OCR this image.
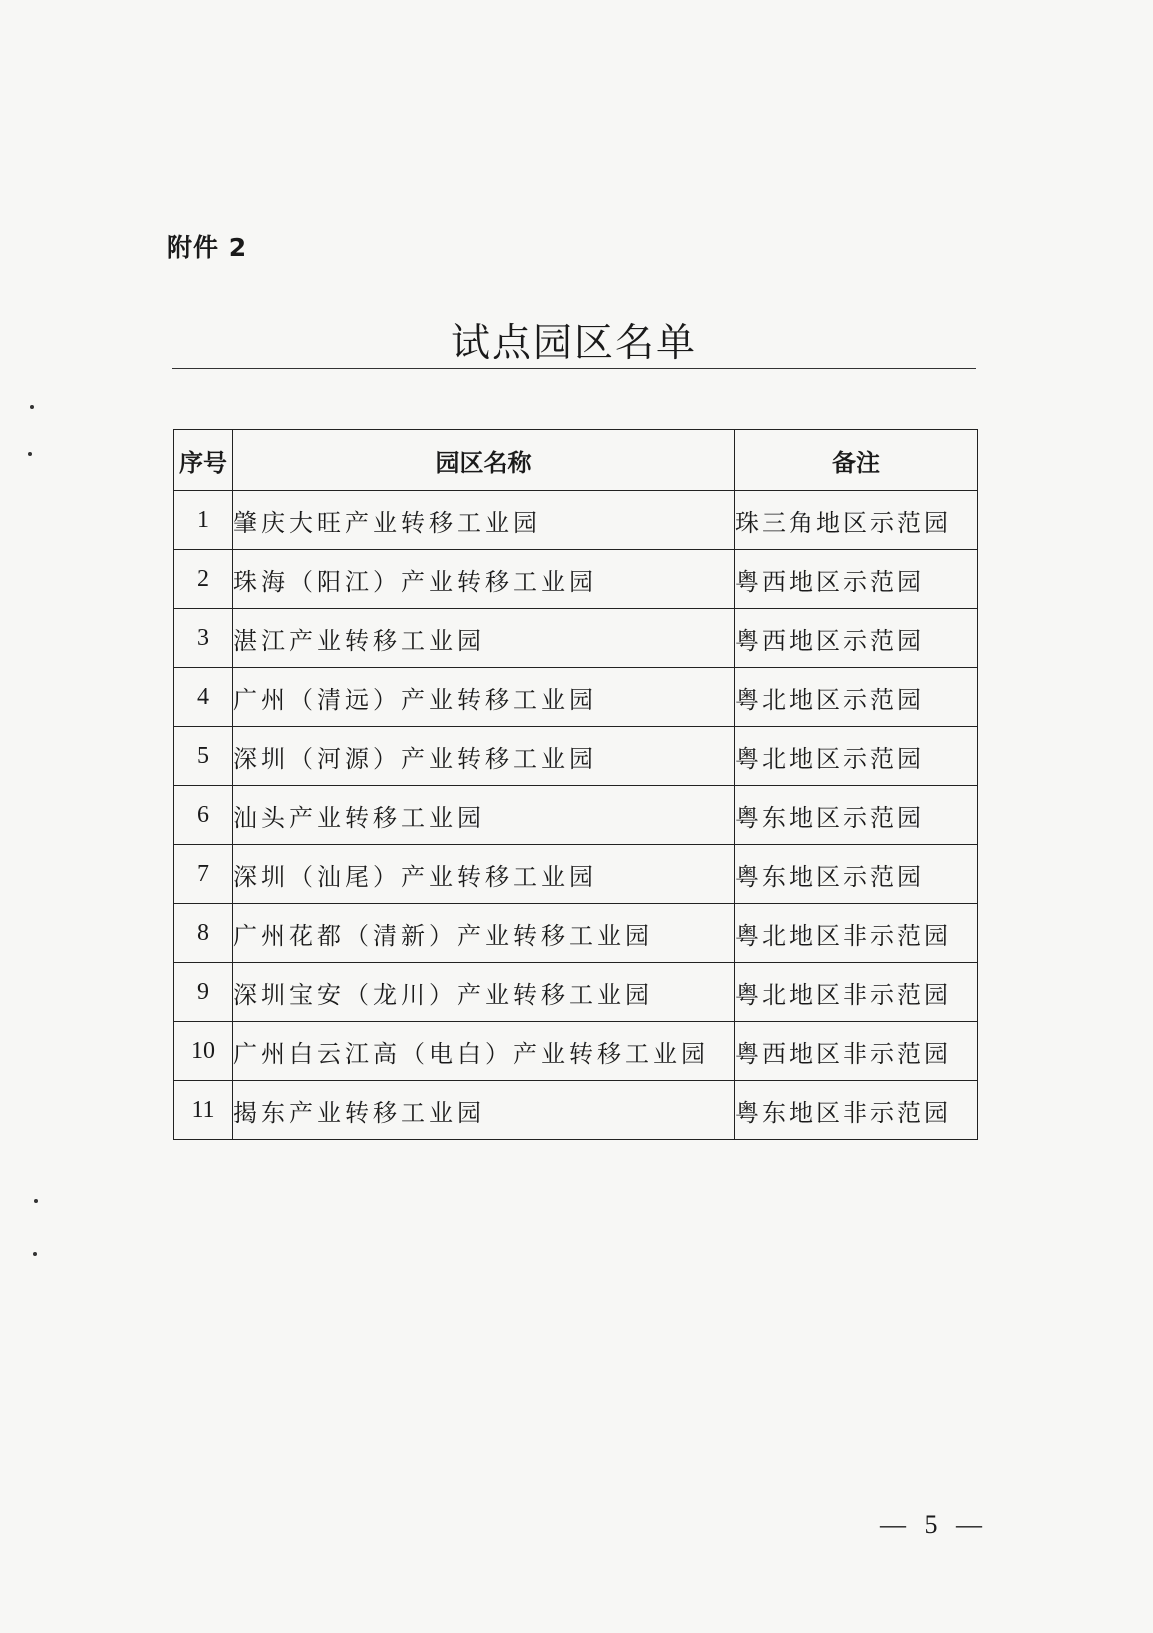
附件 2
试点园区名单
序号	园区名称	备注
1	肇庆大旺产业转移工业园	珠三角地区示范园
2	珠海（阳江）产业转移工业园	粤西地区示范园
3	湛江产业转移工业园	粤西地区示范园
4	广州（清远）产业转移工业园	粤北地区示范园
5	深圳（河源）产业转移工业园	粤北地区示范园
6	汕头产业转移工业园	粤东地区示范园
7	深圳（汕尾）产业转移工业园	粤东地区示范园
8	广州花都（清新）产业转移工业园	粤北地区非示范园
9	深圳宝安（龙川）产业转移工业园	粤北地区非示范园
10	广州白云江高（电白）产业转移工业园	粤西地区非示范园
11	揭东产业转移工业园	粤东地区非示范园
— 5 —
